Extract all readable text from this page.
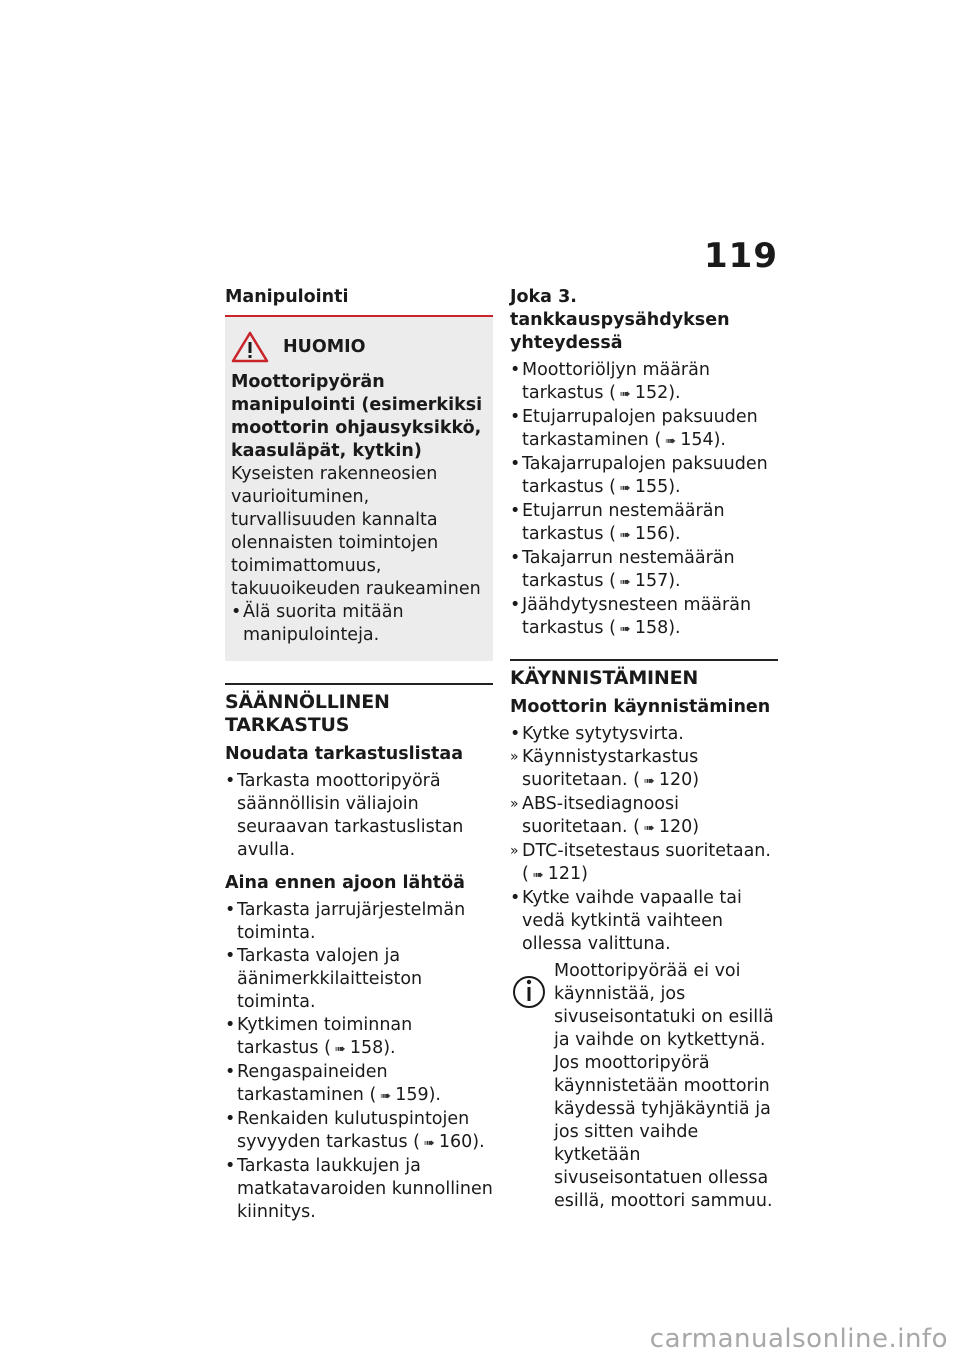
119
Manipulointi
HUOMIO
Moottoripyörän manipulointi (esimerkiksi moottorin ohjausyksikkö, kaasuläpät, kytkin)
Kyseisten rakenneosien vaurioituminen, turvallisuuden kannalta olennaisten toimintojen toimimattomuus, takuuoikeuden raukeaminen
• Älä suorita mitään manipulointeja.
SÄÄNNÖLLINEN TARKASTUS
Noudata tarkastuslistaa
• Tarkasta moottoripyörä säännöllisin väliajoin seuraavan tarkastuslistan avulla.
Aina ennen ajoon lähtöä
• Tarkasta jarrujärjestelmän toiminta.
• Tarkasta valojen ja äänimerkkilaitteiston toiminta.
• Kytkimen toiminnan tarkastus ( ➠ 158).
• Rengaspaineiden tarkastaminen ( ➠ 159).
• Renkaiden kulutuspintojen syvyyden tarkastus ( ➠ 160).
• Tarkasta laukkujen ja matkatavaroiden kunnollinen kiinnitys.
Joka 3. tankkauspysähdyksen yhteydessä
• Moottoriöljyn määrän tarkastus ( ➠ 152).
• Etujarrupalojen paksuuden tarkastaminen ( ➠ 154).
• Takajarrupalojen paksuuden tarkastus ( ➠ 155).
• Etujarrun nestemäärän tarkastus ( ➠ 156).
• Takajarrun nestemäärän tarkastus ( ➠ 157).
• Jäähdytysnesteen määrän tarkastus ( ➠ 158).
KÄYNNISTÄMINEN
Moottorin käynnistäminen
• Kytke sytytysvirta.
» Käynnistystarkastus suoritetaan. ( ➠ 120)
» ABS-itsediagnoosi suoritetaan. ( ➠ 120)
» DTC-itsetestaus suoritetaan. ( ➠ 121)
• Kytke vaihde vapaalle tai vedä kytkintä vaihteen ollessa valittuna.

Moottoripyörää ei voi käynnistää, jos sivuseisontatuki on esillä ja vaihde on kytkettynä. Jos moottoripyörä käynnistetään moottorin käydessä tyhjäkäyntiä ja jos sitten vaihde kytketään sivuseisontatuen ollessa esillä, moottori sammuu.

carmanualsonline.info
